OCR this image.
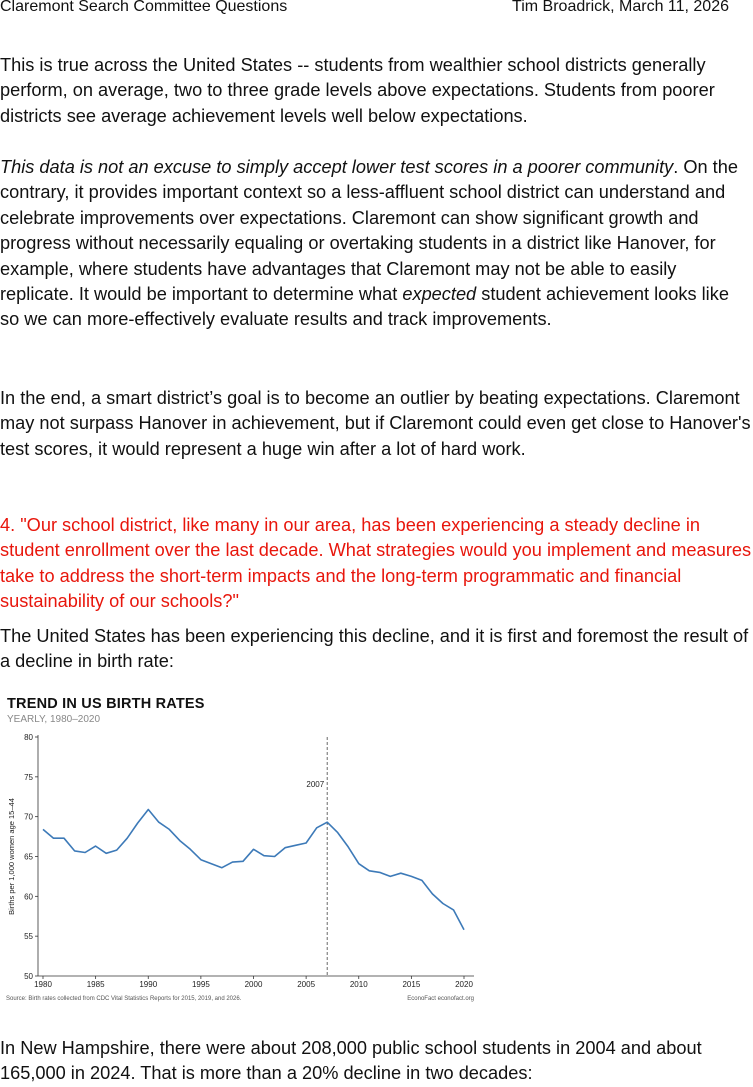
Claremont Search Committee Questions	Tim Broadrick, March 11, 2026

This is true across the United States -- students from wealthier school districts generally perform, on average, two to three grade levels above expectations. Students from poorer districts see average achievement levels well below expectations.

This data is not an excuse to simply accept lower test scores in a poorer community. On the contrary, it provides important context so a less-affluent school district can understand and celebrate improvements over expectations. Claremont can show significant growth and progress without necessarily equaling or overtaking students in a district like Hanover, for example, where students have advantages that Claremont may not be able to easily replicate. It would be important to determine what expected student achievement looks like so we can more-effectively evaluate results and track improvements.

In the end, a smart district’s goal is to become an outlier by beating expectations. Claremont may not surpass Hanover in achievement, but if Claremont could even get close to Hanover's test scores, it would represent a huge win after a lot of hard work.

4. "Our school district, like many in our area, has been experiencing a steady decline in student enrollment over the last decade. What strategies would you implement and measures take to address the short-term impacts and the long-term programmatic and financial sustainability of our schools?"

The United States has been experiencing this decline, and it is first and foremost the result of a decline in birth rate:

TREND IN US BIRTH RATES
YEARLY, 1980–2020
50
55
60
65
70
75
80
1980	1985	1990	1995	2000	2005	2010	2015	2020
Births per 1,000 women age 15–44
2007
Source: Birth rates collected from CDC Vital Statistics Reports for 2015, 2019, and 2026.	EconoFact econofact.org

In New Hampshire, there were about 208,000 public school students in 2004 and about 165,000 in 2024. That is more than a 20% decline in two decades:
